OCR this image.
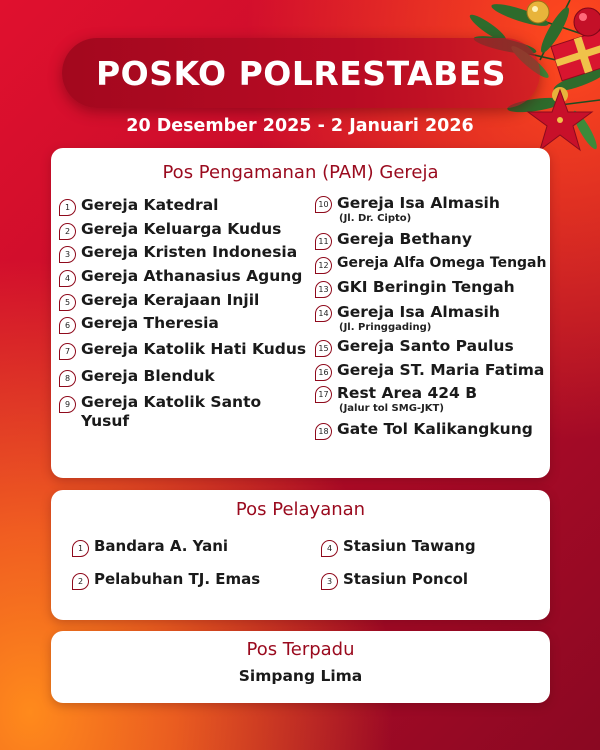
POSKO POLRESTABES
20 Desember 2025 - 2 Januari 2026
Pos Pengamanan (PAM) Gereja
1 Gereja Katedral
2 Gereja Keluarga Kudus
3 Gereja Kristen Indonesia
4 Gereja Athanasius Agung
5 Gereja Kerajaan Injil
6 Gereja Theresia
7 Gereja Katolik Hati Kudus
8 Gereja Blenduk
9 Gereja Katolik Santo Yusuf
10 Gereja Isa Almasih
(Jl. Dr. Cipto)
11 Gereja Bethany
12 Gereja Alfa Omega Tengah
13 GKI Beringin Tengah
14 Gereja Isa Almasih
(Jl. Pringgading)
15 Gereja Santo Paulus
16 Gereja ST. Maria Fatima
17 Rest Area 424 B
(Jalur tol SMG-JKT)
18 Gate Tol Kalikangkung
Pos Pelayanan
1 Bandara A. Yani
2 Pelabuhan TJ. Emas
4 Stasiun Tawang
3 Stasiun Poncol
Pos Terpadu
Simpang Lima
